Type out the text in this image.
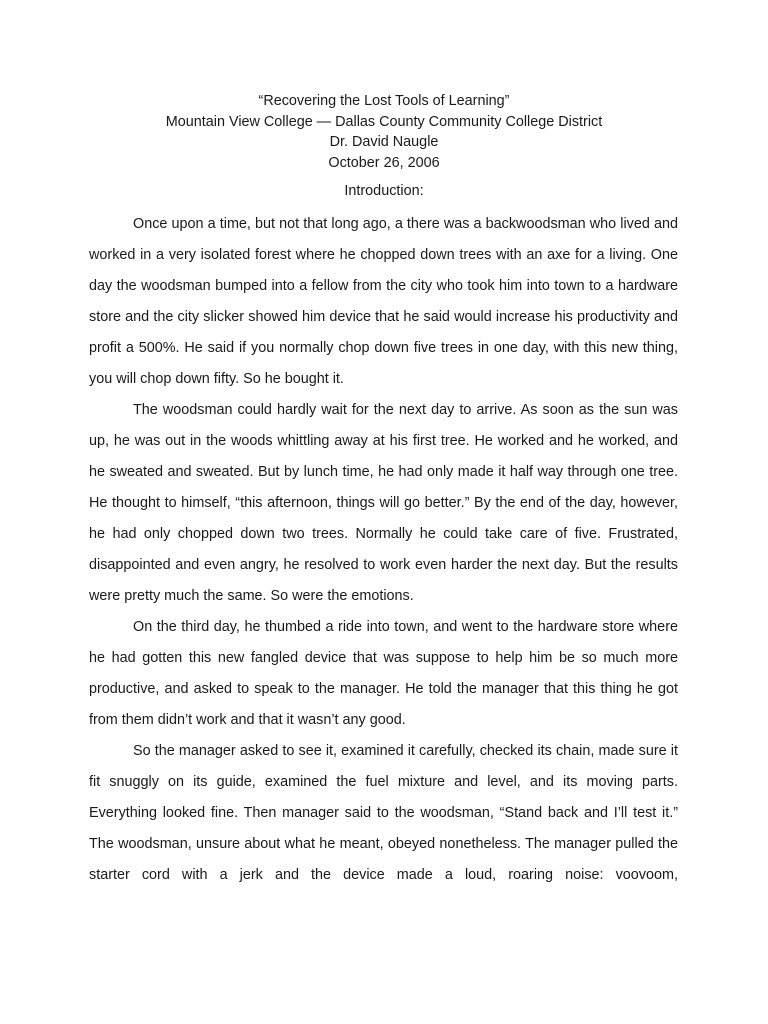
“Recovering the Lost Tools of Learning”
Mountain View College — Dallas County Community College District
Dr. David Naugle
October 26, 2006
Introduction:

Once upon a time, but not that long ago, a there was a backwoodsman who lived and worked in a very isolated forest where he chopped down trees with an axe for a living. One day the woodsman bumped into a fellow from the city who took him into town to a hardware store and the city slicker showed him device that he said would increase his productivity and profit a 500%. He said if you normally chop down five trees in one day, with this new thing, you will chop down fifty. So he bought it.

The woodsman could hardly wait for the next day to arrive. As soon as the sun was up, he was out in the woods whittling away at his first tree. He worked and he worked, and he sweated and sweated. But by lunch time, he had only made it half way through one tree. He thought to himself, “this afternoon, things will go better.” By the end of the day, however, he had only chopped down two trees. Normally he could take care of five. Frustrated, disappointed and even angry, he resolved to work even harder the next day. But the results were pretty much the same. So were the emotions.

On the third day, he thumbed a ride into town, and went to the hardware store where he had gotten this new fangled device that was suppose to help him be so much more productive, and asked to speak to the manager. He told the manager that this thing he got from them didn’t work and that it wasn’t any good.

So the manager asked to see it, examined it carefully, checked its chain, made sure it fit snuggly on its guide, examined the fuel mixture and level, and its moving parts. Everything looked fine. Then manager said to the woodsman, “Stand back and I’ll test it.” The woodsman, unsure about what he meant, obeyed nonetheless. The manager pulled the starter cord with a jerk and the device made a loud, roaring noise: voovoom,
